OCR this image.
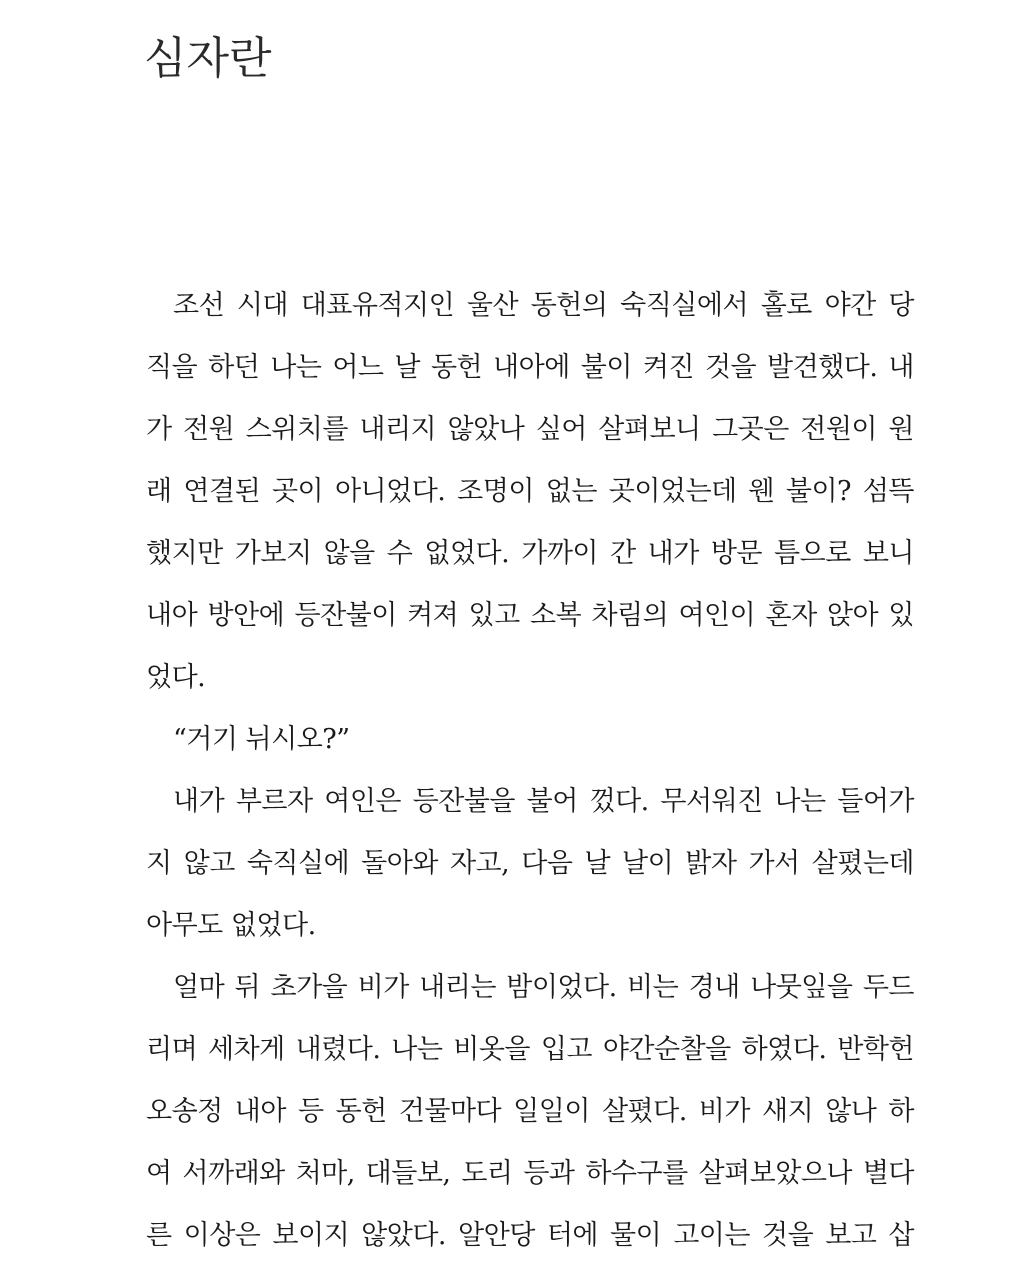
심자란
조선 시대 대표유적지인 울산 동헌의 숙직실에서 홀로 야간 당
직을 하던 나는 어느 날 동헌 내아에 불이 켜진 것을 발견했다. 내
가 전원 스위치를 내리지 않았나 싶어 살펴보니 그곳은 전원이 원
래 연결된 곳이 아니었다. 조명이 없는 곳이었는데 웬 불이? 섬뜩
했지만 가보지 않을 수 없었다. 가까이 간 내가 방문 틈으로 보니
내아 방안에 등잔불이 켜져 있고 소복 차림의 여인이 혼자 앉아 있
었다.
“거기 뉘시오?”
내가 부르자 여인은 등잔불을 불어 껐다. 무서워진 나는 들어가
지 않고 숙직실에 돌아와 자고, 다음 날 날이 밝자 가서 살폈는데
아무도 없었다.
얼마 뒤 초가을 비가 내리는 밤이었다. 비는 경내 나뭇잎을 두드
리며 세차게 내렸다. 나는 비옷을 입고 야간순찰을 하였다. 반학헌
오송정 내아 등 동헌 건물마다 일일이 살폈다. 비가 새지 않나 하
여 서까래와 처마, 대들보, 도리 등과 하수구를 살펴보았으나 별다
른 이상은 보이지 않았다. 알안당 터에 물이 고이는 것을 보고 삽
